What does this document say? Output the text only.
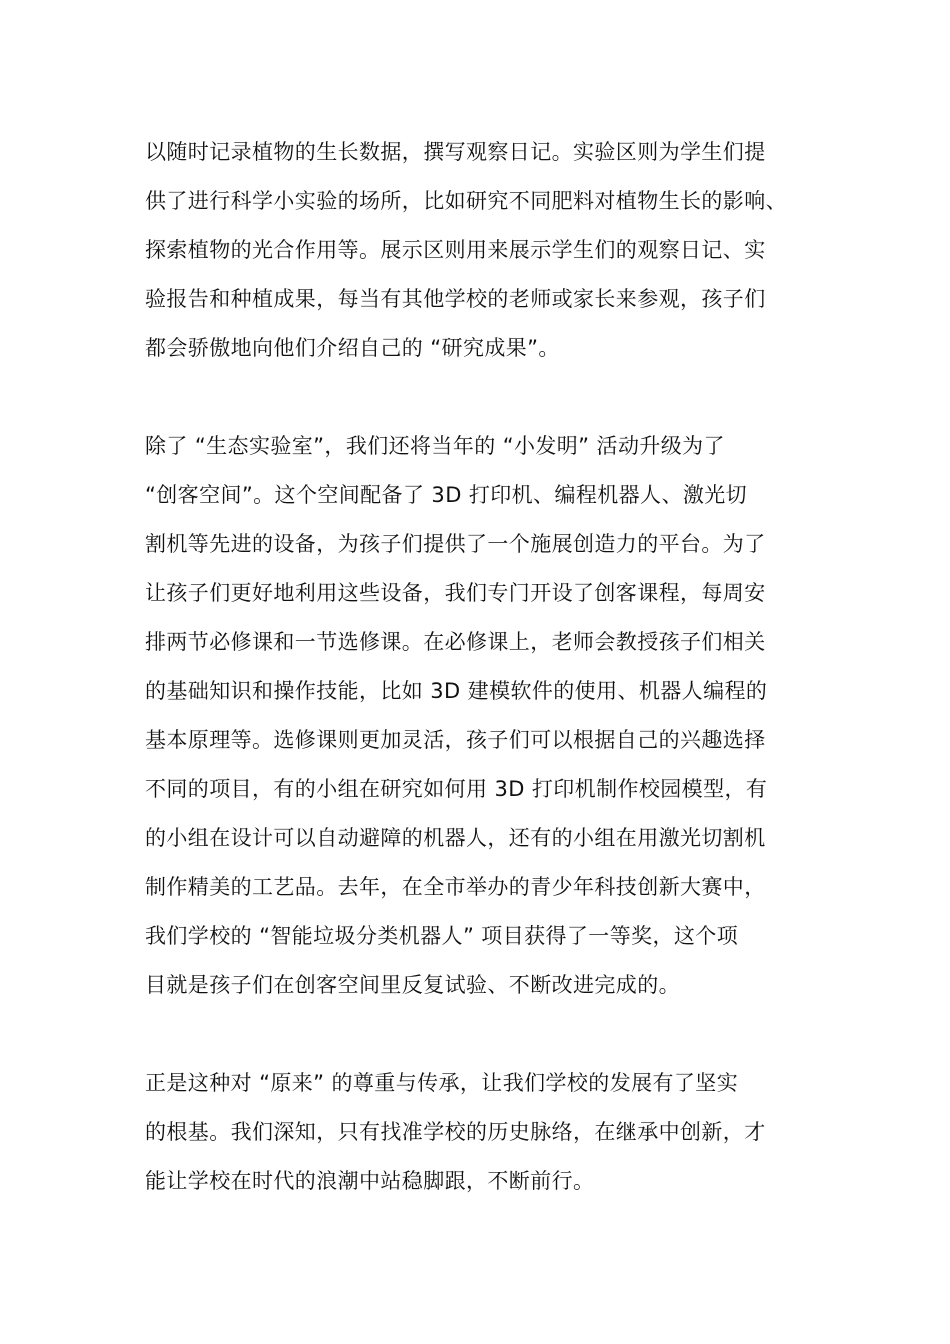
以随时记录植物的生长数据，撰写观察日记。实验区则为学生们提
供了进行科学小实验的场所，比如研究不同肥料对植物生长的影响、
探索植物的光合作用等。展示区则用来展示学生们的观察日记、实
验报告和种植成果，每当有其他学校的老师或家长来参观，孩子们
都会骄傲地向他们介绍自己的 “研究成果”。
除了 “生态实验室”，我们还将当年的 “小发明” 活动升级为了
“创客空间”。这个空间配备了 3D 打印机、编程机器人、激光切
割机等先进的设备，为孩子们提供了一个施展创造力的平台。为了
让孩子们更好地利用这些设备，我们专门开设了创客课程，每周安
排两节必修课和一节选修课。在必修课上，老师会教授孩子们相关
的基础知识和操作技能，比如 3D 建模软件的使用、机器人编程的
基本原理等。选修课则更加灵活，孩子们可以根据自己的兴趣选择
不同的项目，有的小组在研究如何用 3D 打印机制作校园模型，有
的小组在设计可以自动避障的机器人，还有的小组在用激光切割机
制作精美的工艺品。去年，在全市举办的青少年科技创新大赛中，
我们学校的 “智能垃圾分类机器人” 项目获得了一等奖，这个项
目就是孩子们在创客空间里反复试验、不断改进完成的。
正是这种对 “原来” 的尊重与传承，让我们学校的发展有了坚实
的根基。我们深知，只有找准学校的历史脉络，在继承中创新，才
能让学校在时代的浪潮中站稳脚跟，不断前行。
